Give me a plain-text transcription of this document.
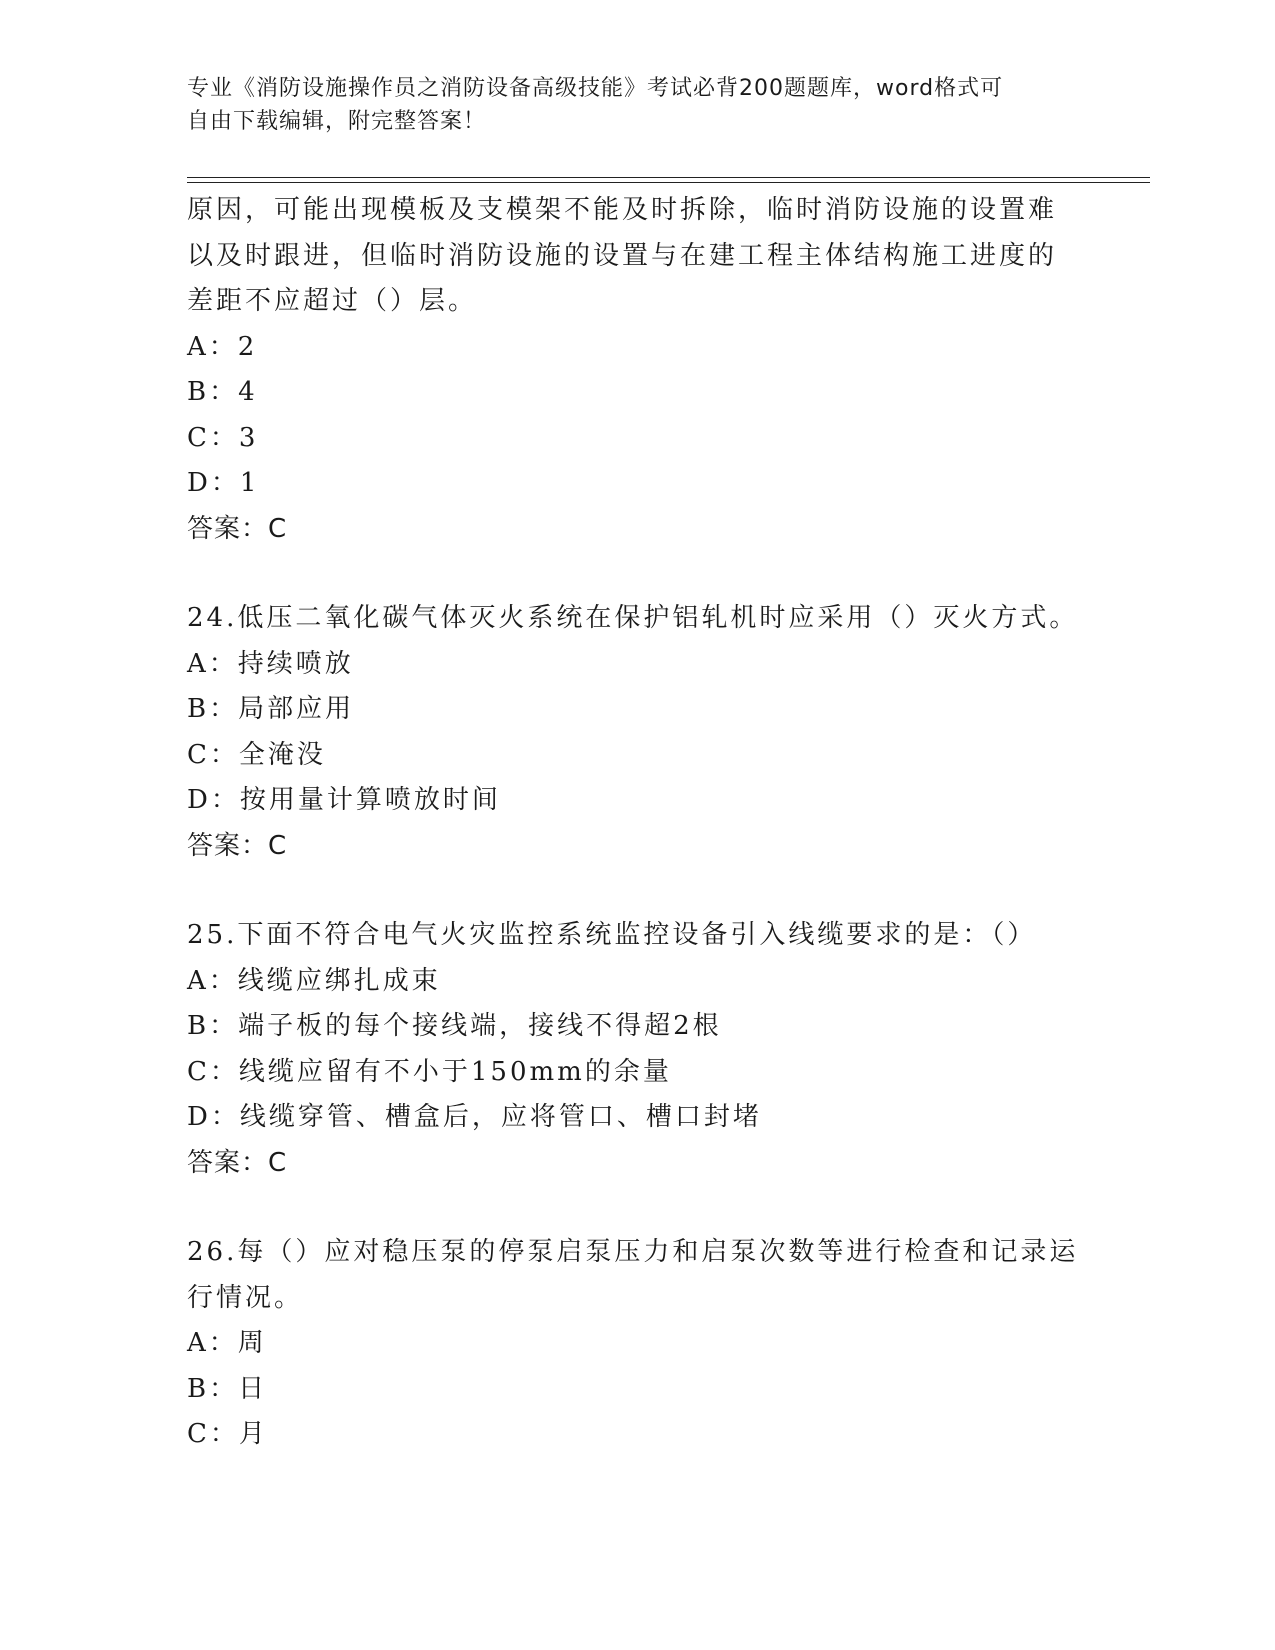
专业《消防设施操作员之消防设备高级技能》考试必背200题题库，word格式可
自由下载编辑，附完整答案！
原因，可能出现模板及支模架不能及时拆除，临时消防设施的设置难
以及时跟进，但临时消防设施的设置与在建工程主体结构施工进度的
差距不应超过（）层。
A：2
B：4
C：3
D：1
答案：C
24.低压二氧化碳气体灭火系统在保护铝轧机时应采用（）灭火方式。
A：持续喷放
B：局部应用
C：全淹没
D：按用量计算喷放时间
答案：C
25.下面不符合电气火灾监控系统监控设备引入线缆要求的是：（）
A：线缆应绑扎成束
B：端子板的每个接线端，接线不得超2根
C：线缆应留有不小于150mm的余量
D：线缆穿管、槽盒后，应将管口、槽口封堵
答案：C
26.每（）应对稳压泵的停泵启泵压力和启泵次数等进行检查和记录运
行情况。
A：周
B：日
C：月
